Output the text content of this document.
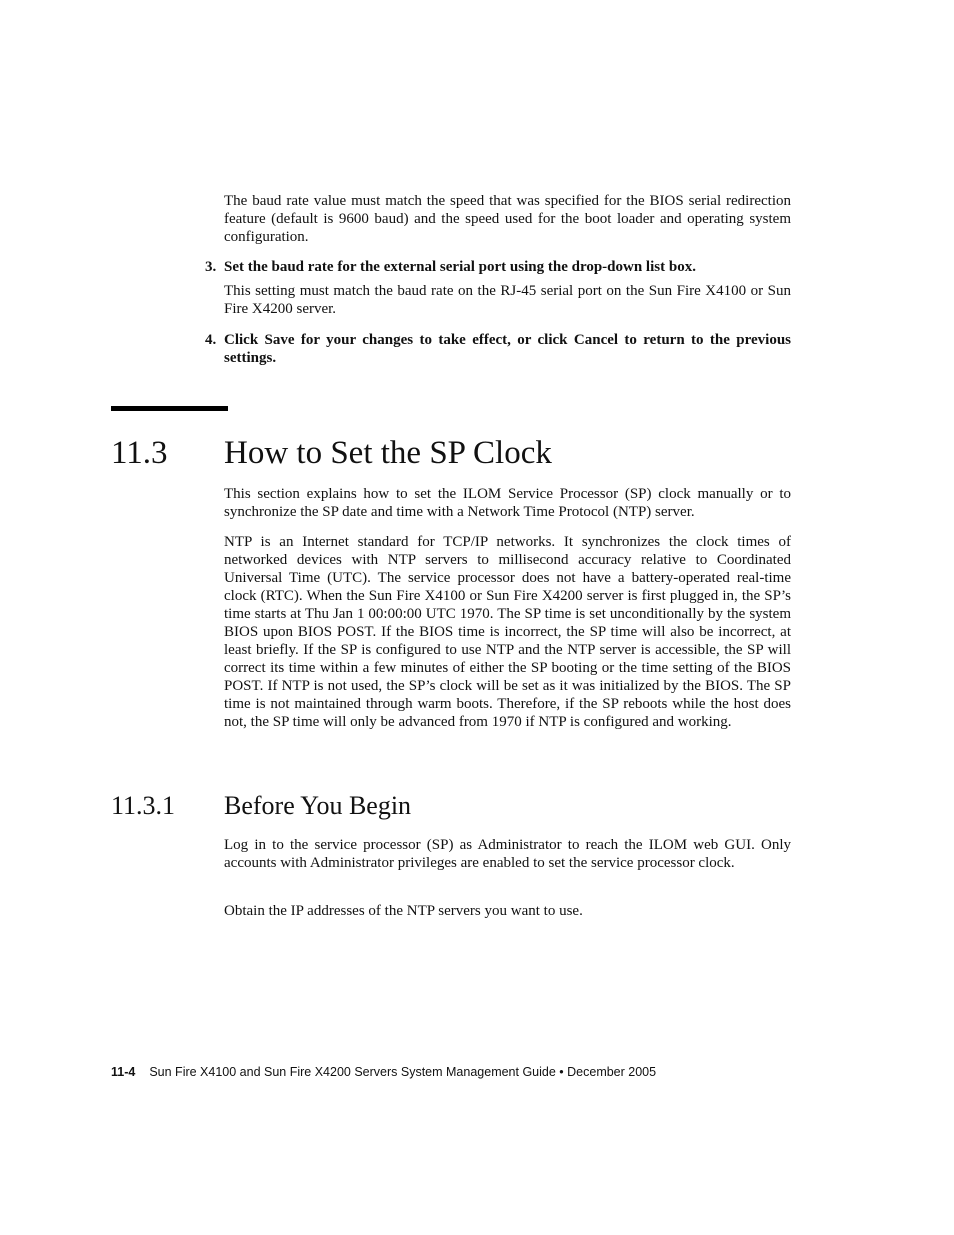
The baud rate value must match the speed that was specified for the BIOS serial redirection feature (default is 9600 baud) and the speed used for the boot loader and operating system configuration.

3. Set the baud rate for the external serial port using the drop-down list box.

This setting must match the baud rate on the RJ-45 serial port on the Sun Fire X4100 or Sun Fire X4200 server.

4. Click Save for your changes to take effect, or click Cancel to return to the previous settings.
11.3 How to Set the SP Clock

This section explains how to set the ILOM Service Processor (SP) clock manually or to synchronize the SP date and time with a Network Time Protocol (NTP) server.

NTP is an Internet standard for TCP/IP networks. It synchronizes the clock times of networked devices with NTP servers to millisecond accuracy relative to Coordinated Universal Time (UTC). The service processor does not have a battery-operated real-time clock (RTC). When the Sun Fire X4100 or Sun Fire X4200 server is first plugged in, the SP’s time starts at Thu Jan 1 00:00:00 UTC 1970. The SP time is set unconditionally by the system BIOS upon BIOS POST. If the BIOS time is incorrect, the SP time will also be incorrect, at least briefly. If the SP is configured to use NTP and the NTP server is accessible, the SP will correct its time within a few minutes of either the SP booting or the time setting of the BIOS POST. If NTP is not used, the SP’s clock will be set as it was initialized by the BIOS. The SP time is not maintained through warm boots. Therefore, if the SP reboots while the host does not, the SP time will only be advanced from 1970 if NTP is configured and working.

11.3.1 Before You Begin

Log in to the service processor (SP) as Administrator to reach the ILOM web GUI. Only accounts with Administrator privileges are enabled to set the service processor clock.

Obtain the IP addresses of the NTP servers you want to use.

11-4 Sun Fire X4100 and Sun Fire X4200 Servers System Management Guide • December 2005
